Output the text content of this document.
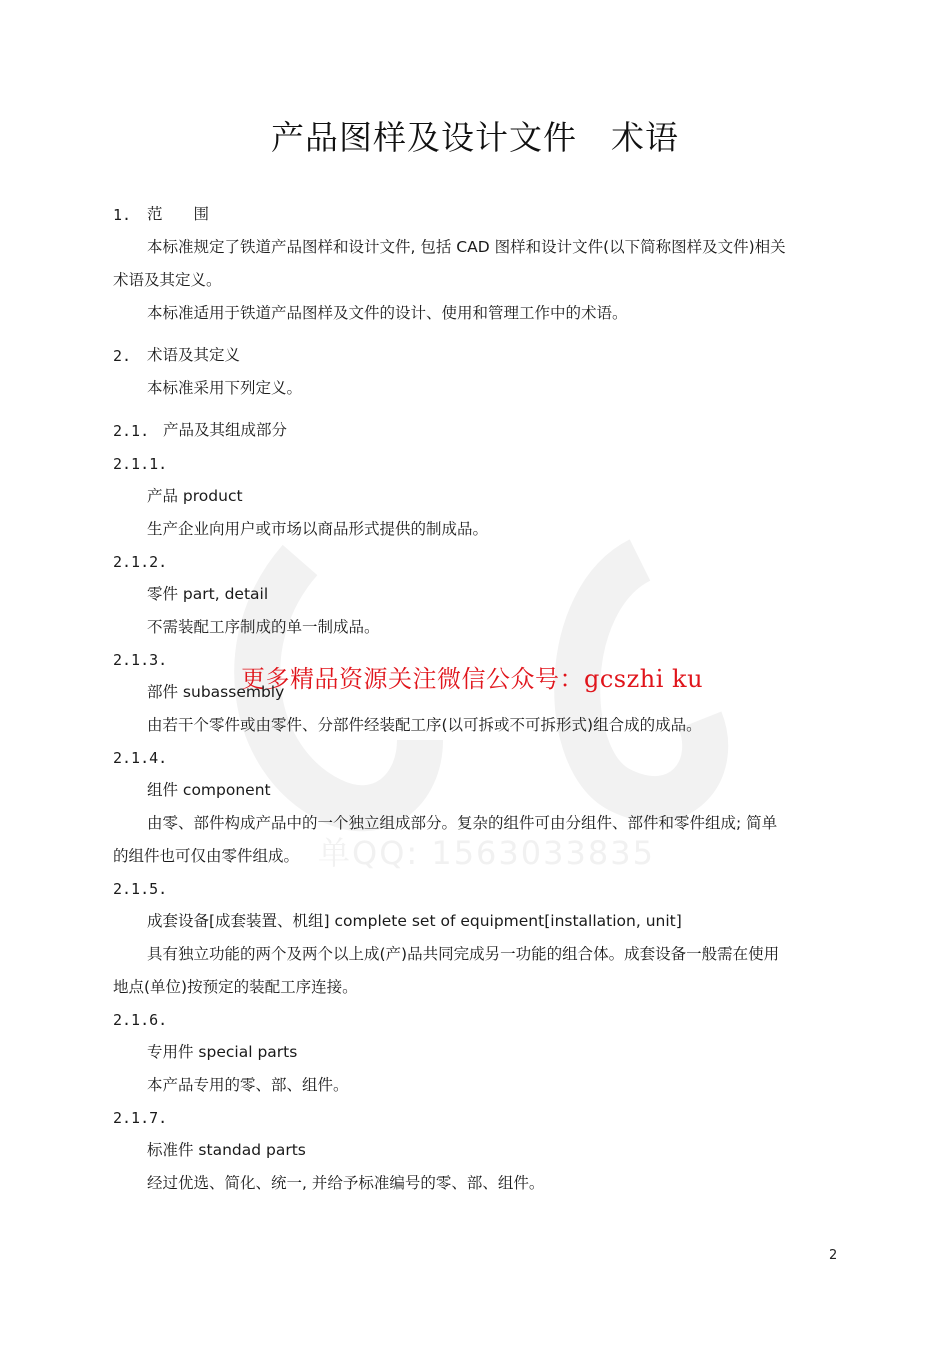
单QQ: 1563033835
产品图样及设计文件　术语
1. 范　　围
本标准规定了铁道产品图样和设计文件, 包括 CAD 图样和设计文件(以下简称图样及文件)相关
术语及其定义。
本标准适用于铁道产品图样及文件的设计、使用和管理工作中的术语。
2. 术语及其定义
本标准采用下列定义。
2.1. 产品及其组成部分
2.1.1.
产品 product
生产企业向用户或市场以商品形式提供的制成品。
2.1.2.
零件 part, detail
不需装配工序制成的单一制成品。
2.1.3.
更多精品资源关注微信公众号：gcszhi ku
部件 subassembly
由若干个零件或由零件、分部件经装配工序(以可拆或不可拆形式)组合成的成品。
2.1.4.
组件 component
由零、部件构成产品中的一个独立组成部分。复杂的组件可由分组件、部件和零件组成; 简单
的组件也可仅由零件组成。
2.1.5.
成套设备[成套装置、机组] complete set of equipment[installation, unit]
具有独立功能的两个及两个以上成(产)品共同完成另一功能的组合体。成套设备一般需在使用
地点(单位)按预定的装配工序连接。
2.1.6.
专用件 special parts
本产品专用的零、部、组件。
2.1.7.
标准件 standad parts
经过优选、简化、统一, 并给予标准编号的零、部、组件。
2
